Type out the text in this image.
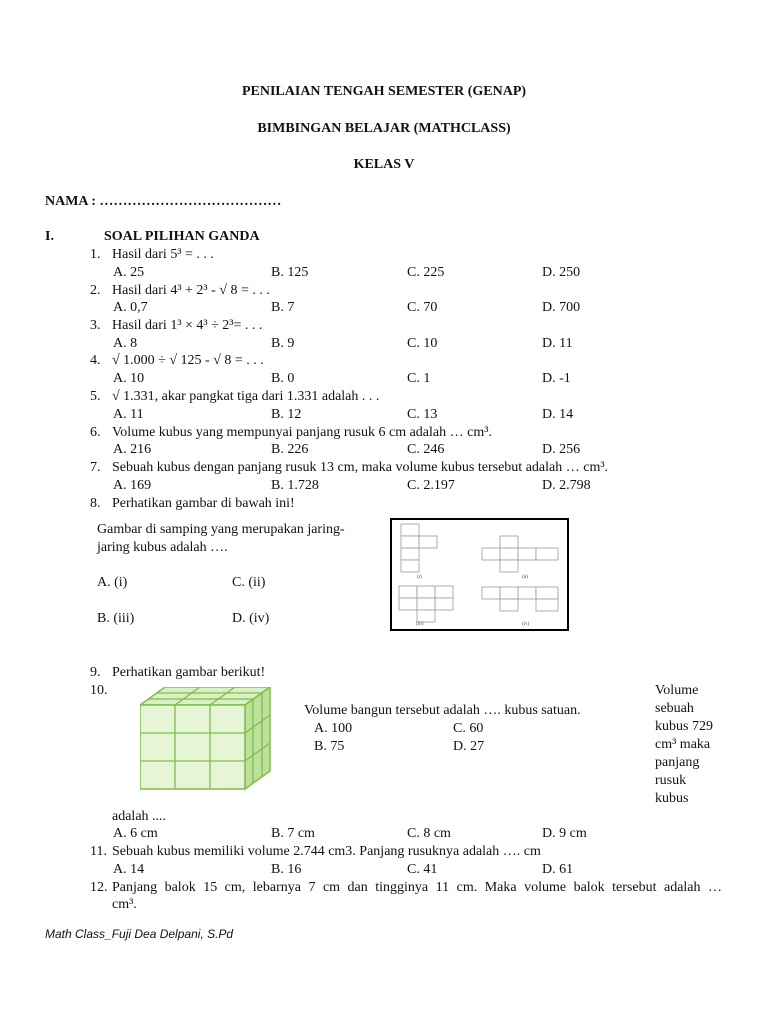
PENILAIAN TENGAH SEMESTER (GENAP)
BIMBINGAN BELAJAR (MATHCLASS)
KELAS V
NAMA : …………………………………
I.	SOAL PILIHAN GANDA
1. Hasil dari 5³ = . . .
A. 25	B. 125	C. 225	D. 250
2. Hasil dari 4³ + 2³ - √ 8 = . . .
A. 0,7	B. 7	C. 70	D. 700
3. Hasil dari 1³ × 4³ ÷ 2³= . . .
A. 8	B. 9	C. 10	D. 11
4. √ 1.000 ÷ √ 125 - √ 8 = . . .
A. 10	B. 0	C. 1	D. -1
5. √ 1.331, akar pangkat tiga dari 1.331 adalah . . .
A. 11	B. 12	C. 13	D. 14
6. Volume kubus yang mempunyai panjang rusuk 6 cm adalah … cm³.
A. 216	B. 226	C. 246	D. 256
7. Sebuah kubus dengan panjang rusuk 13 cm, maka volume kubus tersebut adalah … cm³.
A. 169	B. 1.728	C. 2.197	D. 2.798
8. Perhatikan gambar di bawah ini!
Gambar di samping yang merupakan jaring-
jaring kubus adalah ….
A. (i)	C. (ii)
B. (iii)	D. (iv)
(i)	(ii)
(iii)	(iv)
9. Perhatikan gambar berikut!
10.
Volume bangun tersebut adalah …. kubus satuan.
A. 100	C. 60
B. 75	D. 27
Volume
sebuah
kubus 729
cm³ maka
panjang
rusuk
kubus
adalah ....
A. 6 cm	B. 7 cm	C. 8 cm	D. 9 cm
11. Sebuah kubus memiliki volume 2.744 cm3. Panjang rusuknya adalah …. cm
A. 14	B. 16	C. 41	D. 61
12. Panjang balok 15 cm, lebarnya 7 cm dan tingginya 11 cm. Maka volume balok tersebut adalah …
cm³.
Math Class_Fuji Dea Delpani, S.Pd
